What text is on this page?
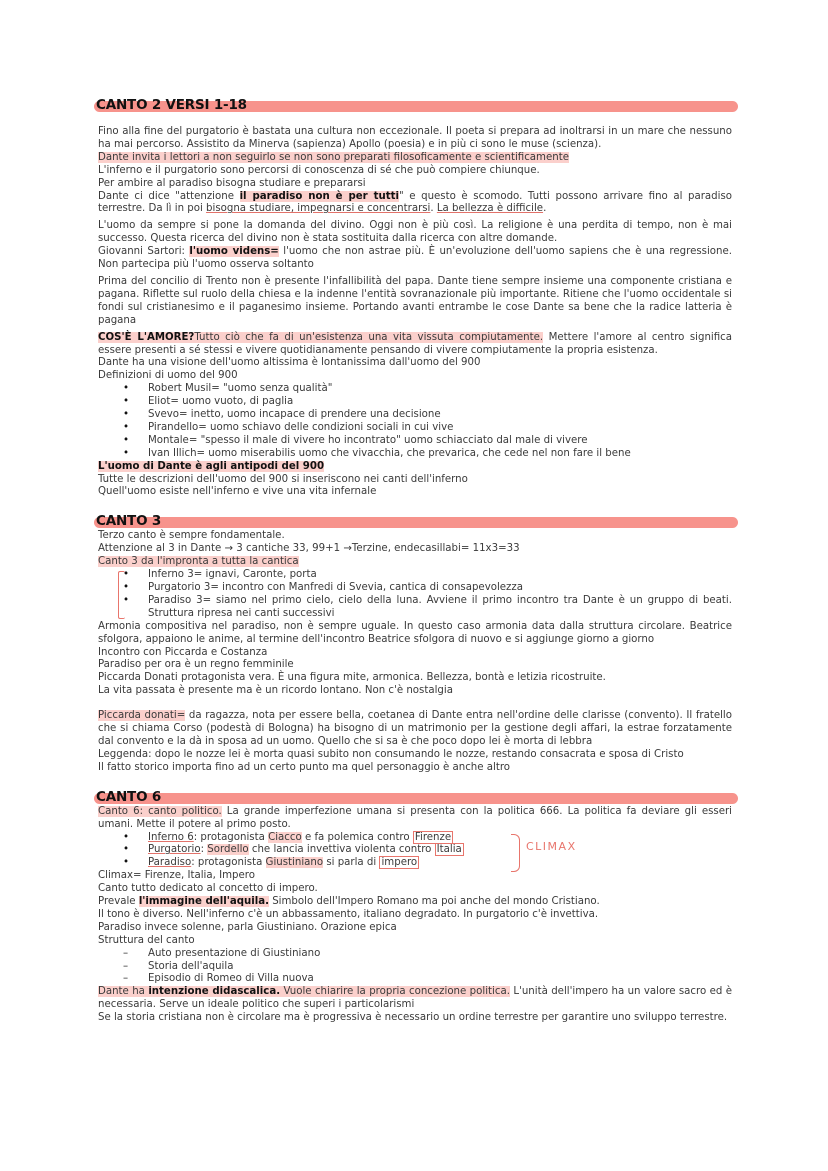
CANTO 2 VERSI 1-18

Fino alla fine del purgatorio è bastata una cultura non eccezionale. Il poeta si prepara ad inoltrarsi in un mare che nessuno ha mai percorso. Assistito da Minerva (sapienza) Apollo (poesia) e in più ci sono le muse (scienza).

Dante invita i lettori a non seguirlo se non sono preparati filosoficamente e scientificamente

L'inferno e il purgatorio sono percorsi di conoscenza di sé che può compiere chiunque.

Per ambire al paradiso bisogna studiare e prepararsi

Dante ci dice "attenzione il paradiso non è per tutti" e questo è scomodo. Tutti possono arrivare fino al paradiso terrestre. Da lì in poi bisogna studiare, impegnarsi e concentrarsi. La bellezza è difficile.

L'uomo da sempre si pone la domanda del divino. Oggi non è più così. La religione è una perdita di tempo, non è mai successo. Questa ricerca del divino non è stata sostituita dalla ricerca con altre domande.

Giovanni Sartori: l'uomo videns= l'uomo che non astrae più. È un'evoluzione dell'uomo sapiens che è una regressione. Non partecipa più l'uomo osserva soltanto

Prima del concilio di Trento non è presente l'infallibilità del papa. Dante tiene sempre insieme una componente cristiana e pagana. Riflette sul ruolo della chiesa e la indenne l'entità sovranazionale più importante. Ritiene che l'uomo occidentale si fondi sul cristianesimo e il paganesimo insieme. Portando avanti entrambe le cose Dante sa bene che la radice latteria è pagana

COS'È L'AMORE?Tutto ciò che fa di un'esistenza una vita vissuta compiutamente. Mettere l'amore al centro significa essere presenti a sé stessi e vivere quotidianamente pensando di vivere compiutamente la propria esistenza.

Dante ha una visione dell'uomo altissima è lontanissima dall'uomo del 900

Definizioni di uomo del 900

• Robert Musil= "uomo senza qualità"
• Eliot= uomo vuoto, di paglia
• Svevo= inetto, uomo incapace di prendere una decisione
• Pirandello= uomo schiavo delle condizioni sociali in cui vive
• Montale= "spesso il male di vivere ho incontrato" uomo schiacciato dal male di vivere
• Ivan Illich= uomo miserabilis uomo che vivacchia, che prevarica, che cede nel non fare il bene

L'uomo di Dante è agli antipodi del 900

Tutte le descrizioni dell'uomo del 900 si inseriscono nei canti dell'inferno

Quell'uomo esiste nell'inferno e vive una vita infernale

CANTO 3

Terzo canto è sempre fondamentale.

Attenzione al 3 in Dante → 3 cantiche 33, 99+1 →Terzine, endecasillabi= 11x3=33

Canto 3 da l'impronta a tutta la cantica

• Inferno 3= ignavi, Caronte, porta
• Purgatorio 3= incontro con Manfredi di Svevia, cantica di consapevolezza
• Paradiso 3= siamo nel primo cielo, cielo della luna. Avviene il primo incontro tra Dante è un gruppo di beati. Struttura ripresa nei canti successivi

Armonia compositiva nel paradiso, non è sempre uguale. In questo caso armonia data dalla struttura circolare. Beatrice sfolgora, appaiono le anime, al termine dell'incontro Beatrice sfolgora di nuovo e si aggiunge giorno a giorno

Incontro con Piccarda e Costanza

Paradiso per ora è un regno femminile

Piccarda Donati protagonista vera. È una figura mite, armonica. Bellezza, bontà e letizia ricostruite.

La vita passata è presente ma è un ricordo lontano. Non c'è nostalgia

Piccarda donati= da ragazza, nota per essere bella, coetanea di Dante entra nell'ordine delle clarisse (convento). Il fratello che si chiama Corso (podestà di Bologna) ha bisogno di un matrimonio per la gestione degli affari, la estrae forzatamente dal convento e la dà in sposa ad un uomo. Quello che si sa è che poco dopo lei è morta di lebbra

Leggenda: dopo le nozze lei è morta quasi subito non consumando le nozze, restando consacrata e sposa di Cristo

Il fatto storico importa fino ad un certo punto ma quel personaggio è anche altro

CANTO 6

Canto 6: canto politico. La grande imperfezione umana si presenta con la politica 666. La politica fa deviare gli esseri umani. Mette il potere al primo posto.

• Inferno 6: protagonista Ciacco e fa polemica contro Firenze
• Purgatorio: Sordello che lancia invettiva violenta contro Italia
• Paradiso: protagonista Giustiniano si parla di impero
CLIMAX

Climax= Firenze, Italia, Impero

Canto tutto dedicato al concetto di impero.

Prevale l'immagine dell'aquila. Simbolo dell'Impero Romano ma poi anche del mondo Cristiano.

Il tono è diverso. Nell'inferno c'è un abbassamento, italiano degradato. In purgatorio c'è invettiva.

Paradiso invece solenne, parla Giustiniano. Orazione epica

Struttura del canto

– Auto presentazione di Giustiniano
– Storia dell'aquila
– Episodio di Romeo di Villa nuova

Dante ha intenzione didascalica. Vuole chiarire la propria concezione politica. L'unità dell'impero ha un valore sacro ed è necessaria. Serve un ideale politico che superi i particolarismi

Se la storia cristiana non è circolare ma è progressiva è necessario un ordine terrestre per garantire uno sviluppo terrestre.
